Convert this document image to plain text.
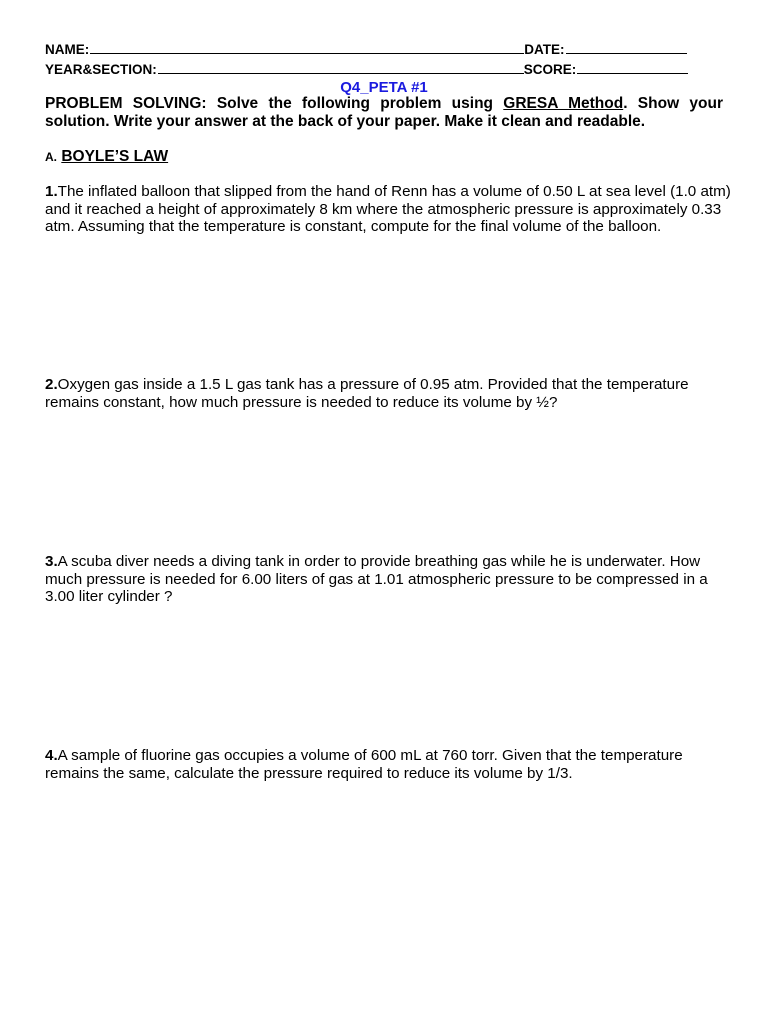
NAME:	DATE:
YEAR&SECTION:	SCORE:
Q4_PETA #1
PROBLEM SOLVING: Solve the following problem using GRESA Method. Show your solution. Write your answer at the back of your paper. Make it clean and readable.
A. BOYLE’S LAW
1.The inflated balloon that slipped from the hand of Renn has a volume of 0.50 L at sea level (1.0 atm) and it reached a height of approximately 8 km where the atmospheric pressure is approximately 0.33 atm. Assuming that the temperature is constant, compute for the final volume of the balloon.
2.Oxygen gas inside a 1.5 L gas tank has a pressure of 0.95 atm. Provided that the temperature remains constant, how much pressure is needed to reduce its volume by ½?
3.A scuba diver needs a diving tank in order to provide breathing gas while he is underwater. How much pressure is needed for 6.00 liters of gas at 1.01 atmospheric pressure to be compressed in a 3.00 liter cylinder ?
4.A sample of fluorine gas occupies a volume of 600 mL at 760 torr. Given that the temperature remains the same, calculate the pressure required to reduce its volume by 1/3.
